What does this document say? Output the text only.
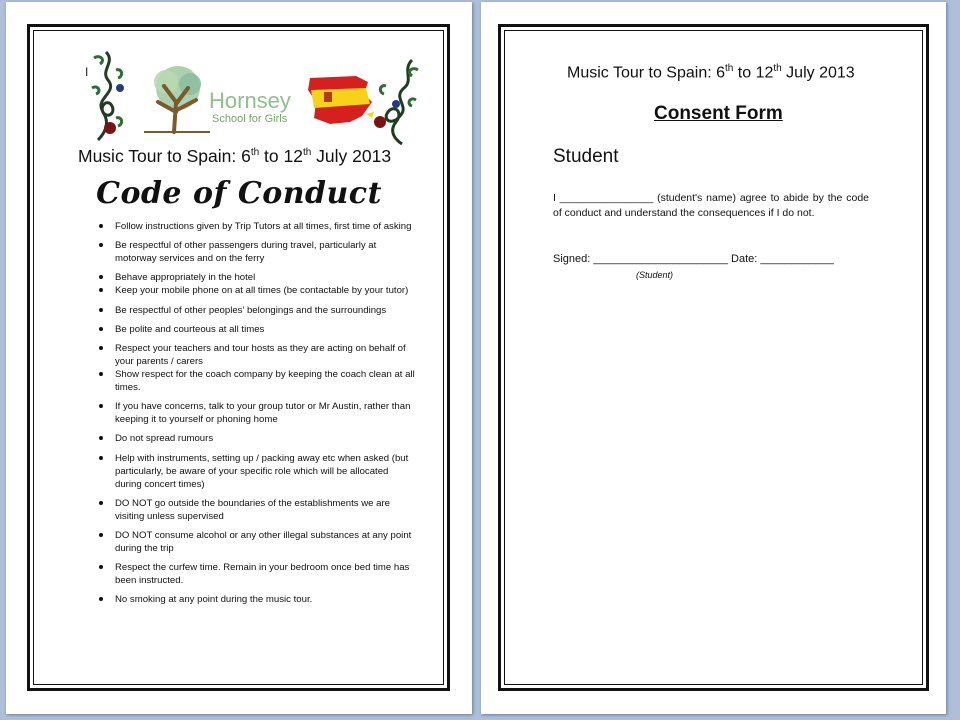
I
Hornsey
School for Girls
Music Tour to Spain: 6th to 12th July 2013
Code of Conduct
Follow instructions given by Trip Tutors at all times, first time of asking
Be respectful of other passengers during travel, particularly at motorway services and on the ferry
Behave appropriately in the hotel
Keep your mobile phone on at all times (be contactable by your tutor)
Be respectful of other peoples' belongings and the surroundings
Be polite and courteous at all times
Respect your teachers and tour hosts as they are acting on behalf of your parents / carers
Show respect for the coach company by keeping the coach clean at all times.
If you have concerns, talk to your group tutor or Mr Austin, rather than keeping it to yourself or phoning home
Do not spread rumours
Help with instruments, setting up / packing away etc when asked (but particularly, be aware of your specific role which will be allocated during concert times)
DO NOT go outside the boundaries of the establishments we are visiting unless supervised
DO NOT consume alcohol or any other illegal substances at any point during the trip
Respect the curfew time. Remain in your bedroom once bed time has been instructed.
No smoking at any point during the music tour.
Music Tour to Spain: 6th to 12th July 2013
Consent Form
Student
I ________________ (student's name) agree to abide by the code of conduct and understand the consequences if I do not.
Signed: ______________________ Date: ____________
(Student)
